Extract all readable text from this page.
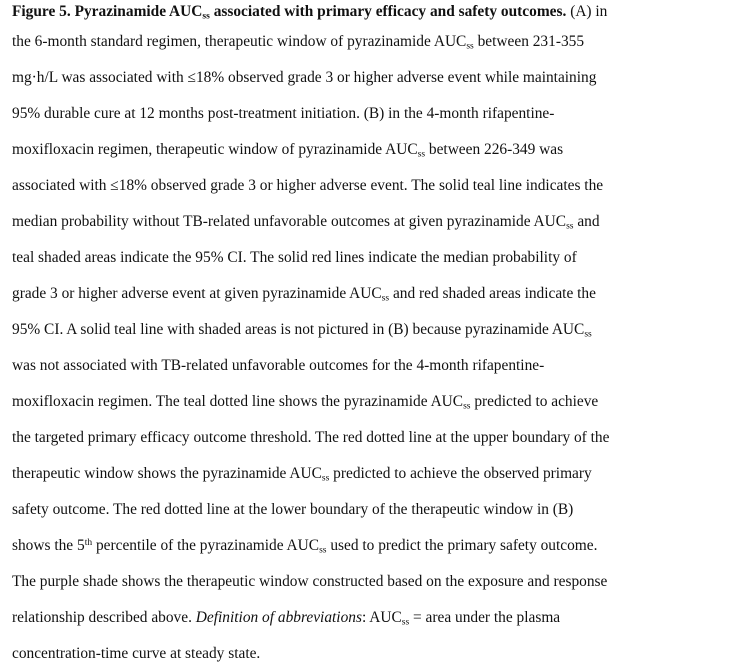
Figure 5. Pyrazinamide $AUC_{ss}$ associated with primary efficacy and safety outcomes. (A) in
the 6-month standard regimen, therapeutic window of pyrazinamide $AUC_{ss}$ between 231-355
mg·h/L was associated with ≤18% observed grade 3 or higher adverse event while maintaining
95% durable cure at 12 months post-treatment initiation. (B) in the 4-month rifapentine-
moxifloxacin regimen, therapeutic window of pyrazinamide $AUC_{ss}$ between 226-349 was
associated with ≤18% observed grade 3 or higher adverse event. The solid teal line indicates the
median probability without TB-related unfavorable outcomes at given pyrazinamide $AUC_{ss}$ and
teal shaded areas indicate the 95% CI. The solid red lines indicate the median probability of
grade 3 or higher adverse event at given pyrazinamide $AUC_{ss}$ and red shaded areas indicate the
95% CI. A solid teal line with shaded areas is not pictured in (B) because pyrazinamide $AUC_{ss}$
was not associated with TB-related unfavorable outcomes for the 4-month rifapentine-
moxifloxacin regimen. The teal dotted line shows the pyrazinamide $AUC_{ss}$ predicted to achieve
the targeted primary efficacy outcome threshold. The red dotted line at the upper boundary of the
therapeutic window shows the pyrazinamide $AUC_{ss}$ predicted to achieve the observed primary
safety outcome. The red dotted line at the lower boundary of the therapeutic window in (B)
shows the 5th percentile of the pyrazinamide $AUC_{ss}$ used to predict the primary safety outcome.
The purple shade shows the therapeutic window constructed based on the exposure and response
relationship described above. Definition of abbreviations: $AUC_{ss}$ = area under the plasma
concentration-time curve at steady state.
